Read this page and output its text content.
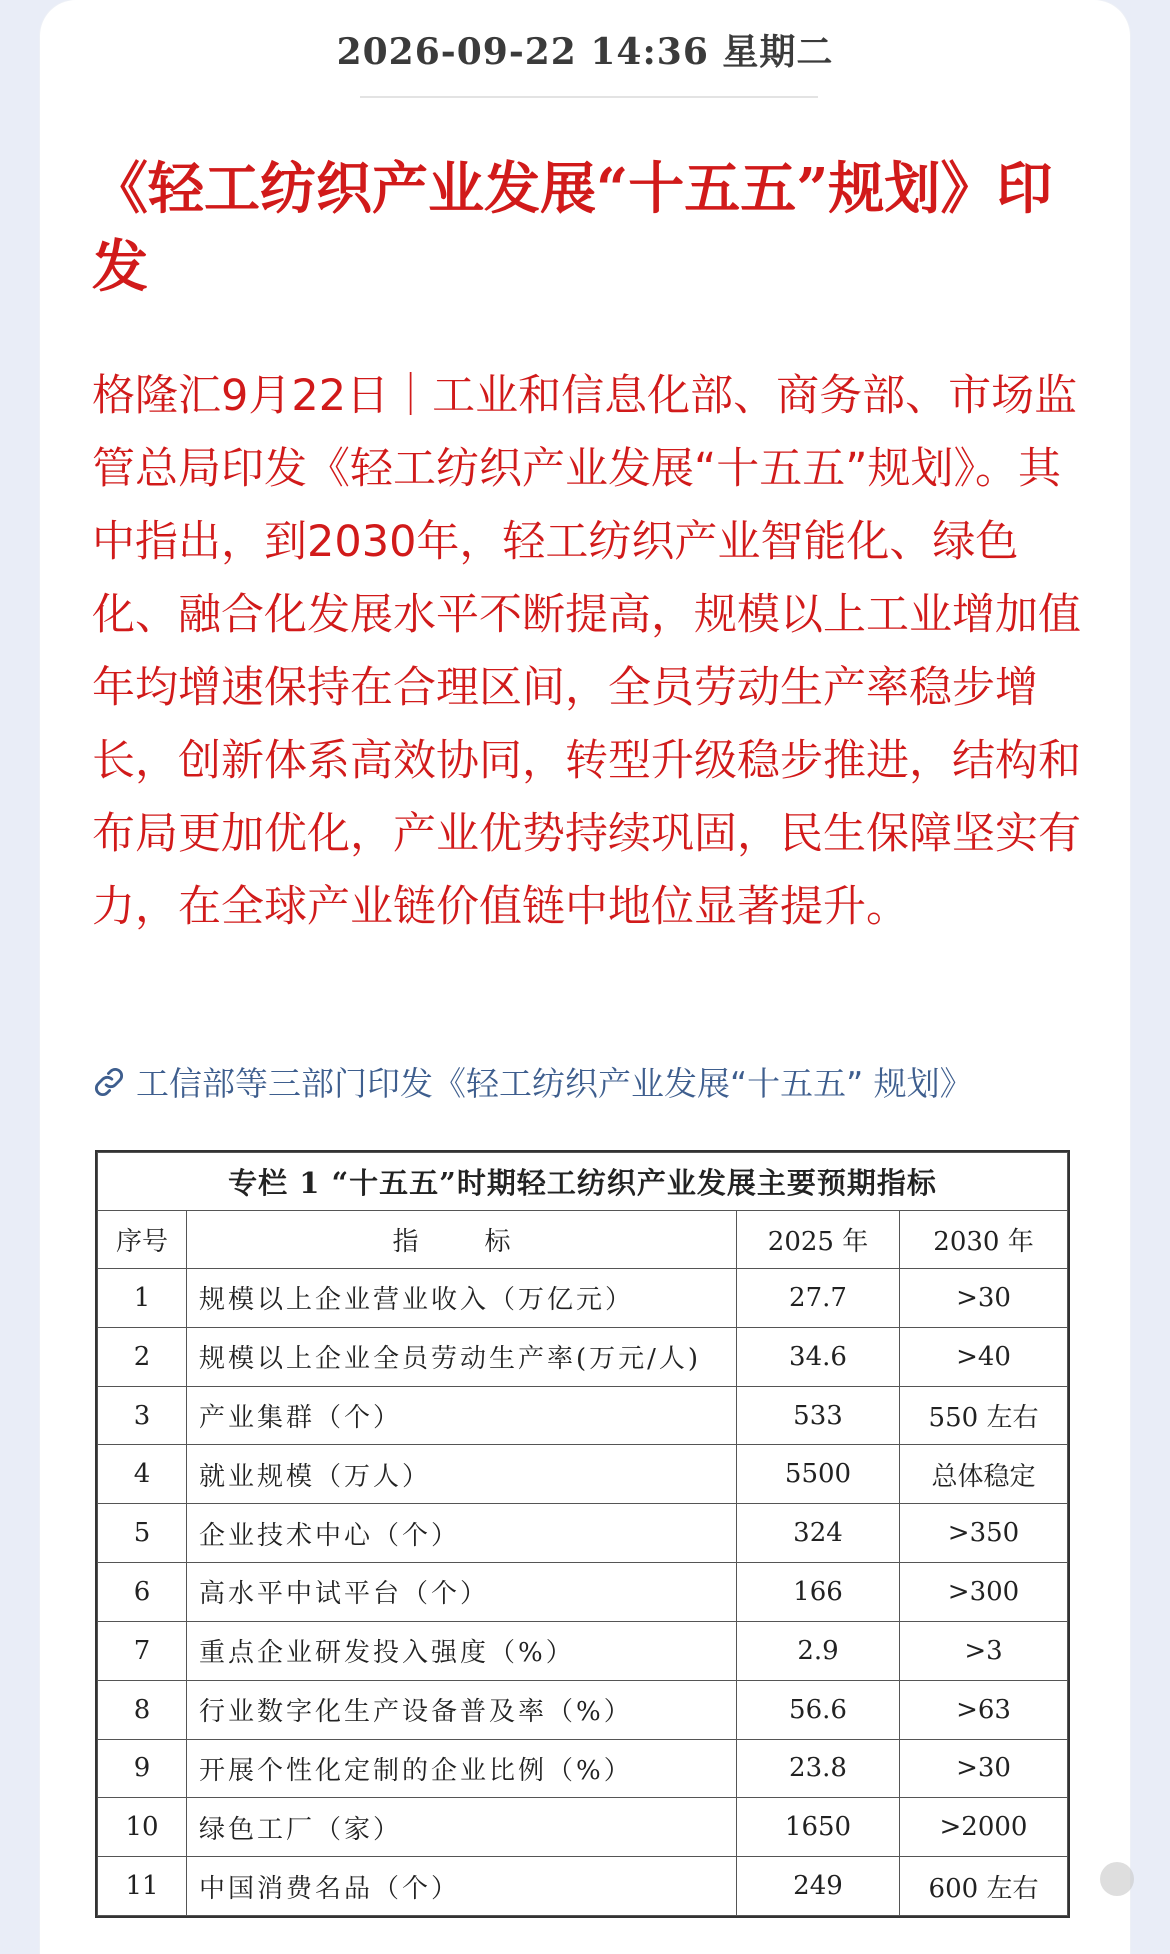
2026-09-22 14:36 星期二
《轻工纺织产业发展“十五五”规划》印发

格隆汇9月22日｜工业和信息化部、商务部、市场监管总局印发《轻工纺织产业发展“十五五”规划》。其中指出，到2030年，轻工纺织产业智能化、绿色化、融合化发展水平不断提高，规模以上工业增加值年均增速保持在合理区间，全员劳动生产率稳步增长，创新体系高效协同，转型升级稳步推进，结构和布局更加优化，产业优势持续巩固，民生保障坚实有力，在全球产业链价值链中地位显著提升。

工信部等三部门印发《轻工纺织产业发展“十五五” 规划》
专栏 1 “十五五”时期轻工纺织产业发展主要预期指标			
序号	指　标	2025 年	2030 年
1	规模以上企业营业收入（万亿元）	27.7	>30
2	规模以上企业全员劳动生产率(万元/人)	34.6	>40
3	产业集群（个）	533	550 左右
4	就业规模（万人）	5500	总体稳定
5	企业技术中心（个）	324	>350
6	高水平中试平台（个）	166	>300
7	重点企业研发投入强度（%）	2.9	>3
8	行业数字化生产设备普及率（%）	56.6	>63
9	开展个性化定制的企业比例（%）	23.8	>30
10	绿色工厂（家）	1650	>2000
11	中国消费名品（个）	249	600 左右
